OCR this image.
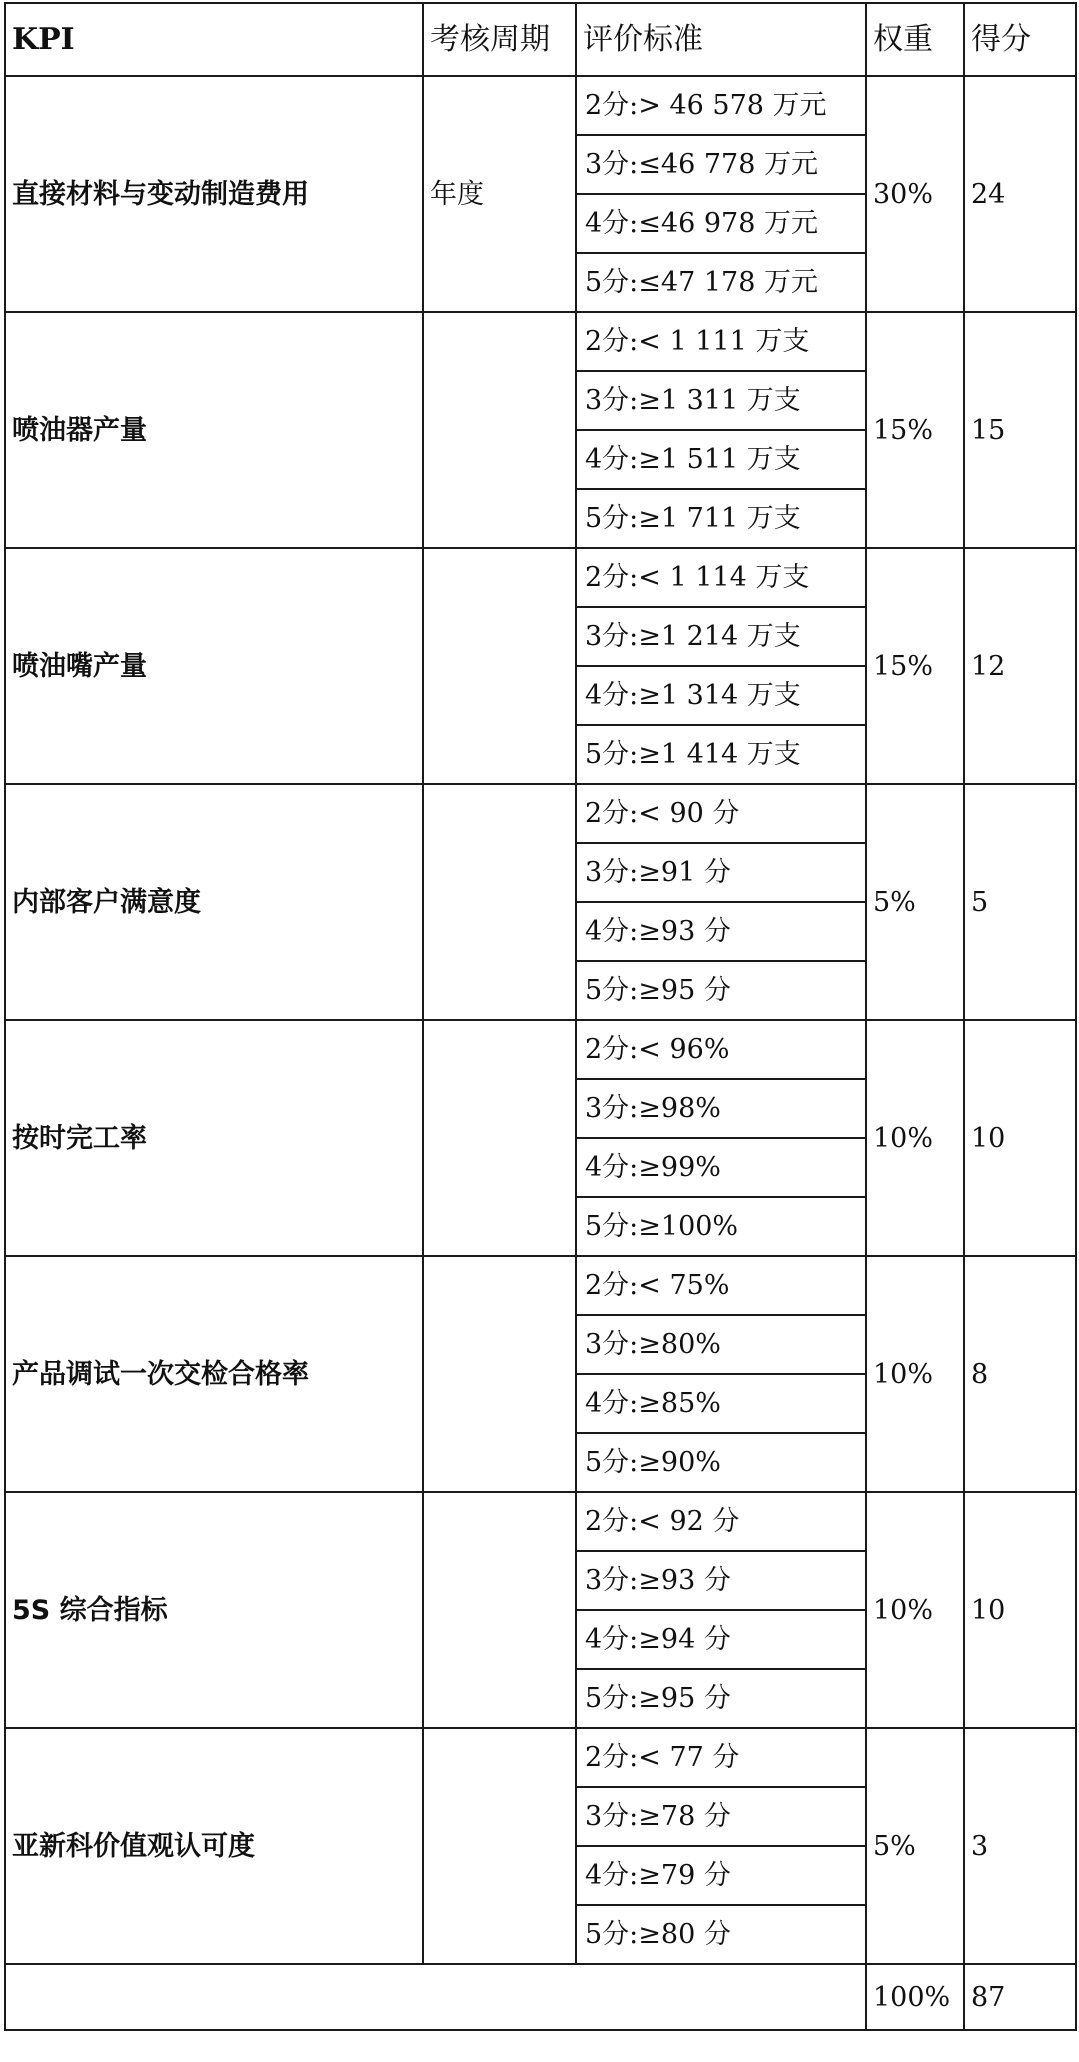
KPI	考核周期	评价标准	权重	得分
直接材料与变动制造费用	年度	2分:> 46 578 万元	30%	24
		3分:≤46 778 万元		
		4分:≤46 978 万元		
		5分:≤47 178 万元		
喷油器产量		2分:< 1 111 万支	15%	15
		3分:≥1 311 万支		
		4分:≥1 511 万支		
		5分:≥1 711 万支		
喷油嘴产量		2分:< 1 114 万支	15%	12
		3分:≥1 214 万支		
		4分:≥1 314 万支		
		5分:≥1 414 万支		
内部客户满意度		2分:< 90 分	5%	5
		3分:≥91 分		
		4分:≥93 分		
		5分:≥95 分		
按时完工率		2分:< 96%	10%	10
		3分:≥98%		
		4分:≥99%		
		5分:≥100%		
产品调试一次交检合格率		2分:< 75%	10%	8
		3分:≥80%		
		4分:≥85%		
		5分:≥90%		
5S 综合指标		2分:< 92 分	10%	10
		3分:≥93 分		
		4分:≥94 分		
		5分:≥95 分		
亚新科价值观认可度		2分:< 77 分	5%	3
		3分:≥78 分		
		4分:≥79 分		
		5分:≥80 分		
			100%	87
